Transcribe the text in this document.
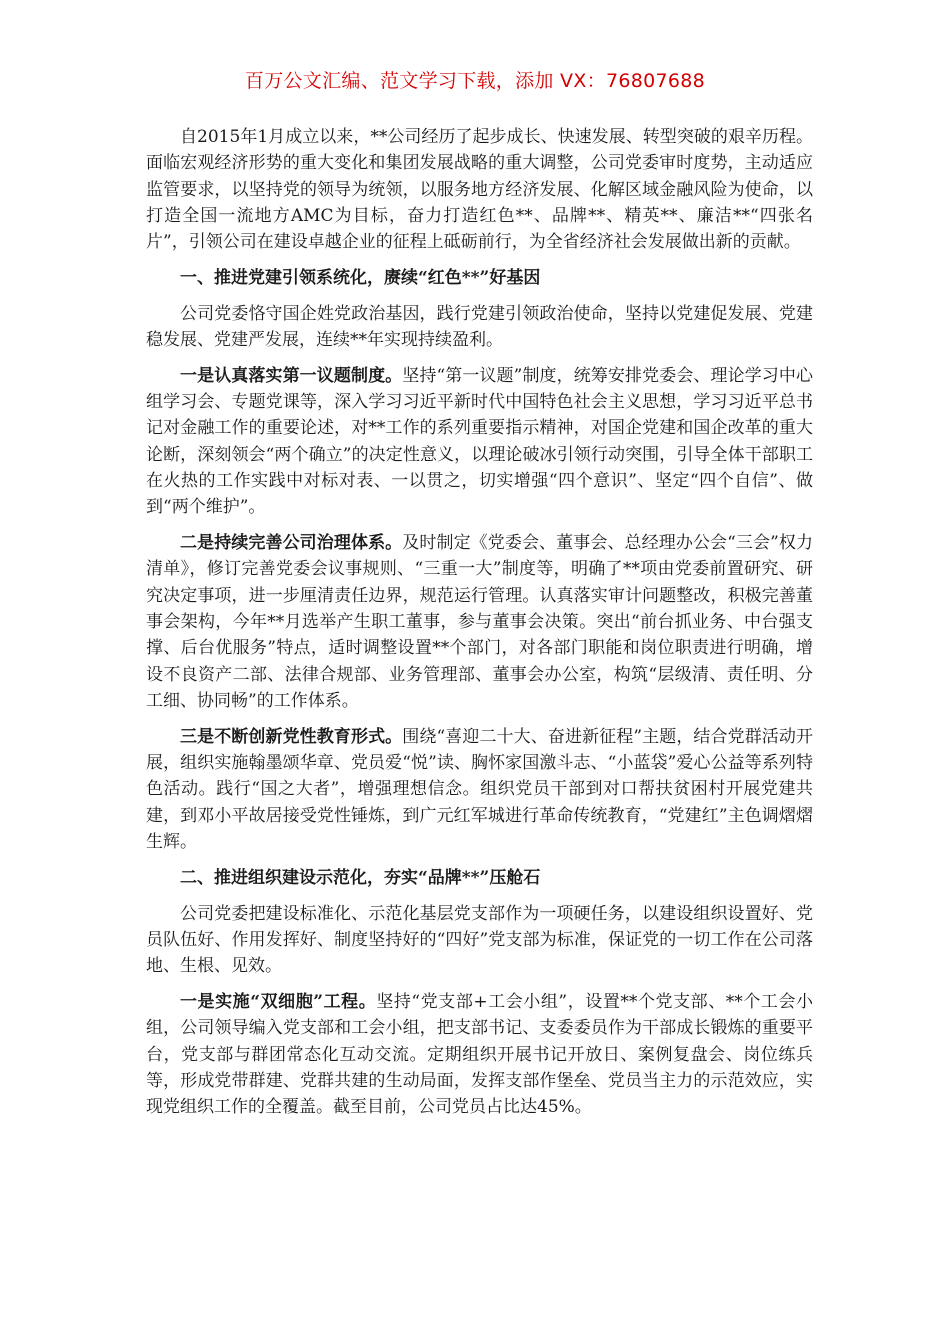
百万公文汇编、范文学习下载，添加 VX：76807688

自2015年1月成立以来，**公司经历了起步成长、快速发展、转型突破的艰辛历程。面临宏观经济形势的重大变化和集团发展战略的重大调整，公司党委审时度势，主动适应监管要求，以坚持党的领导为统领，以服务地方经济发展、化解区域金融风险为使命，以打造全国一流地方AMC为目标，奋力打造红色**、品牌**、精英**、廉洁**“四张名片”，引领公司在建设卓越企业的征程上砥砺前行，为全省经济社会发展做出新的贡献。

一、推进党建引领系统化，赓续“红色**”好基因

公司党委恪守国企姓党政治基因，践行党建引领政治使命，坚持以党建促发展、党建稳发展、党建严发展，连续**年实现持续盈利。

一是认真落实第一议题制度。坚持“第一议题”制度，统筹安排党委会、理论学习中心组学习会、专题党课等，深入学习习近平新时代中国特色社会主义思想，学习习近平总书记对金融工作的重要论述，对**工作的系列重要指示精神，对国企党建和国企改革的重大论断，深刻领会“两个确立”的决定性意义，以理论破冰引领行动突围，引导全体干部职工在火热的工作实践中对标对表、一以贯之，切实增强“四个意识”、坚定“四个自信”、做到“两个维护”。

二是持续完善公司治理体系。及时制定《党委会、董事会、总经理办公会“三会”权力清单》，修订完善党委会议事规则、“三重一大”制度等，明确了**项由党委前置研究、研究决定事项，进一步厘清责任边界，规范运行管理。认真落实审计问题整改，积极完善董事会架构，今年**月选举产生职工董事，参与董事会决策。突出“前台抓业务、中台强支撑、后台优服务”特点，适时调整设置**个部门，对各部门职能和岗位职责进行明确，增设不良资产二部、法律合规部、业务管理部、董事会办公室，构筑“层级清、责任明、分工细、协同畅”的工作体系。

三是不断创新党性教育形式。围绕“喜迎二十大、奋进新征程”主题，结合党群活动开展，组织实施翰墨颂华章、党员爱“悦”读、胸怀家国激斗志、“小蓝袋”爱心公益等系列特色活动。践行“国之大者”，增强理想信念。组织党员干部到对口帮扶贫困村开展党建共建，到邓小平故居接受党性锤炼，到广元红军城进行革命传统教育，“党建红”主色调熠熠生辉。

二、推进组织建设示范化，夯实“品牌**”压舱石

公司党委把建设标准化、示范化基层党支部作为一项硬任务，以建设组织设置好、党员队伍好、作用发挥好、制度坚持好的“四好”党支部为标准，保证党的一切工作在公司落地、生根、见效。

一是实施“双细胞”工程。坚持“党支部+工会小组”，设置**个党支部、**个工会小组，公司领导编入党支部和工会小组，把支部书记、支委委员作为干部成长锻炼的重要平台，党支部与群团常态化互动交流。定期组织开展书记开放日、案例复盘会、岗位练兵等，形成党带群建、党群共建的生动局面，发挥支部作堡垒、党员当主力的示范效应，实现党组织工作的全覆盖。截至目前，公司党员占比达45%。
